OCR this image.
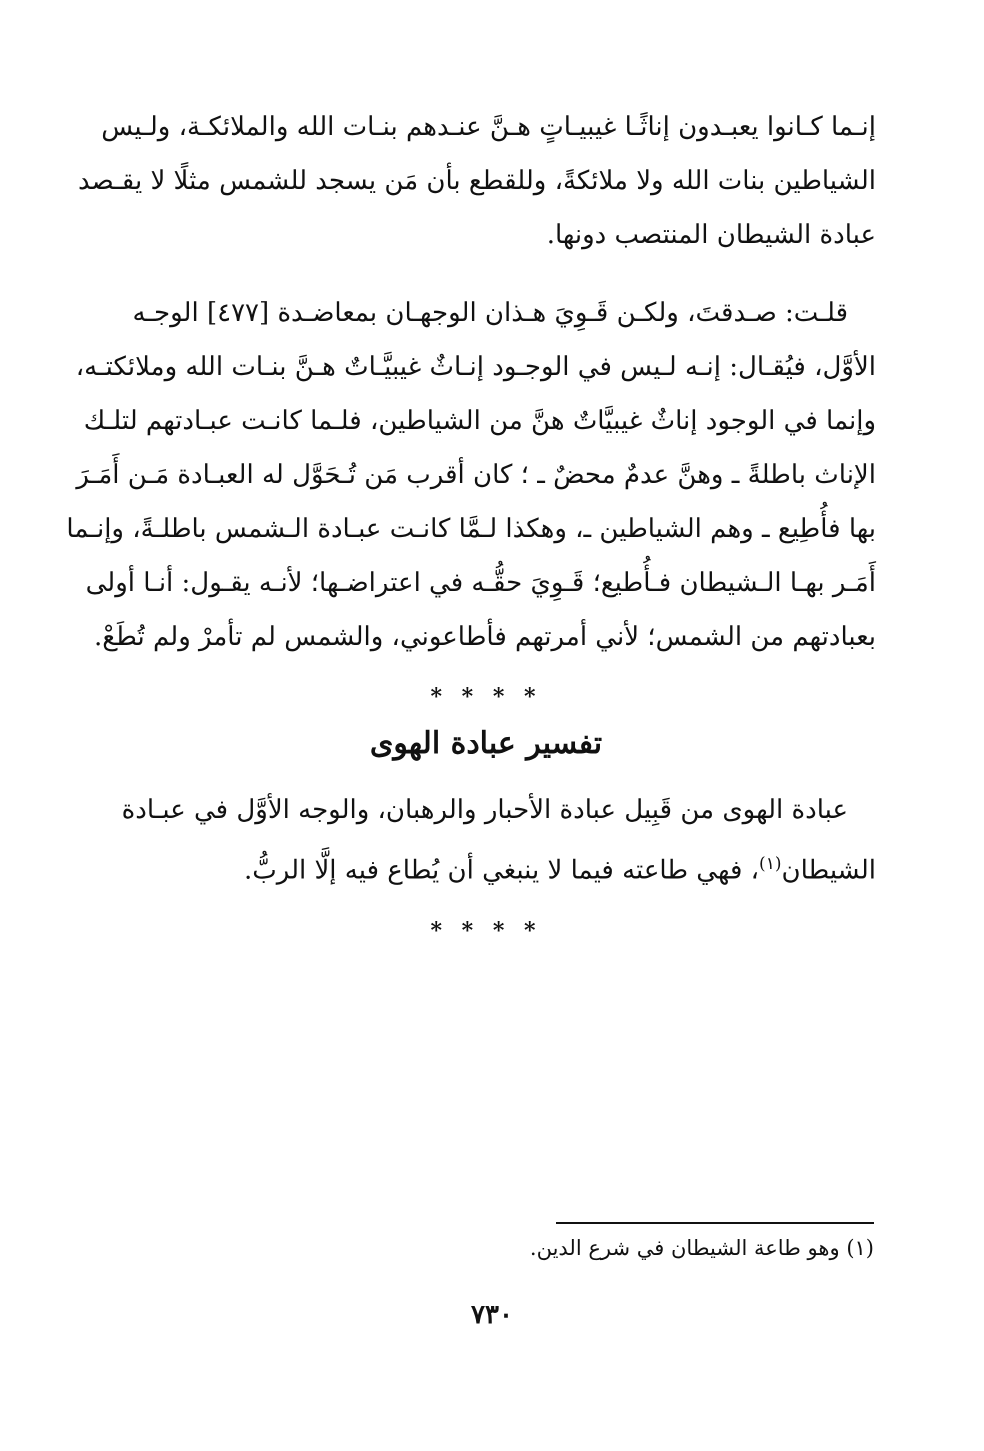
إنـما كـانوا يعبـدون إناثًـا غيبيـاتٍ هـنَّ عنـدهم بنـات الله والملائكـة، ولـيس

الشياطين بنات الله ولا ملائكةً، وللقطع بأن مَن يسجد للشمس مثلًا لا يقـصد

عبادة الشيطان المنتصب دونها.

قلـت: صـدقتَ، ولكـن قَـوِيَ هـذان الوجهـان بمعاضـدة [٤٧٧] الوجـه

الأوَّل، فيُقـال: إنـه لـيس في الوجـود إنـاثٌ غيبيَّـاتٌ هـنَّ بنـات الله وملائكتـه،

وإنما في الوجود إناثٌ غيبيَّاتٌ هنَّ من الشياطين، فلـما كانـت عبـادتهم لتلـك

الإناث باطلةً ـ وهنَّ عدمٌ محضٌ ـ ؛ كان أقرب مَن تُـحَوَّل له العبـادة مَـن أَمَـرَ

بها فأُطِيع ـ وهم الشياطين ـ، وهكذا لـمَّا كانـت عبـادة الـشمس باطلـةً، وإنـما

أَمَـر بهـا الـشيطان فـأُطيع؛ قَـوِيَ حقُّـه في اعتراضـها؛ لأنـه يقـول: أنـا أولى

بعبادتهم من الشمس؛ لأني أمرتهم فأطاعوني، والشمس لم تأمرْ ولم تُطَعْ.

* * * *
تفسير عبادة الهوى

عبادة الهوى من قَبِيل عبادة الأحبار والرهبان، والوجه الأوَّل في عبـادة

الشيطان$^{(١)}$، فهي طاعته فيما لا ينبغي أن يُطاع فيه إلَّا الربُّ.

* * * *
(١) وهو طاعة الشيطان في شرع الدين.
٧٣٠
